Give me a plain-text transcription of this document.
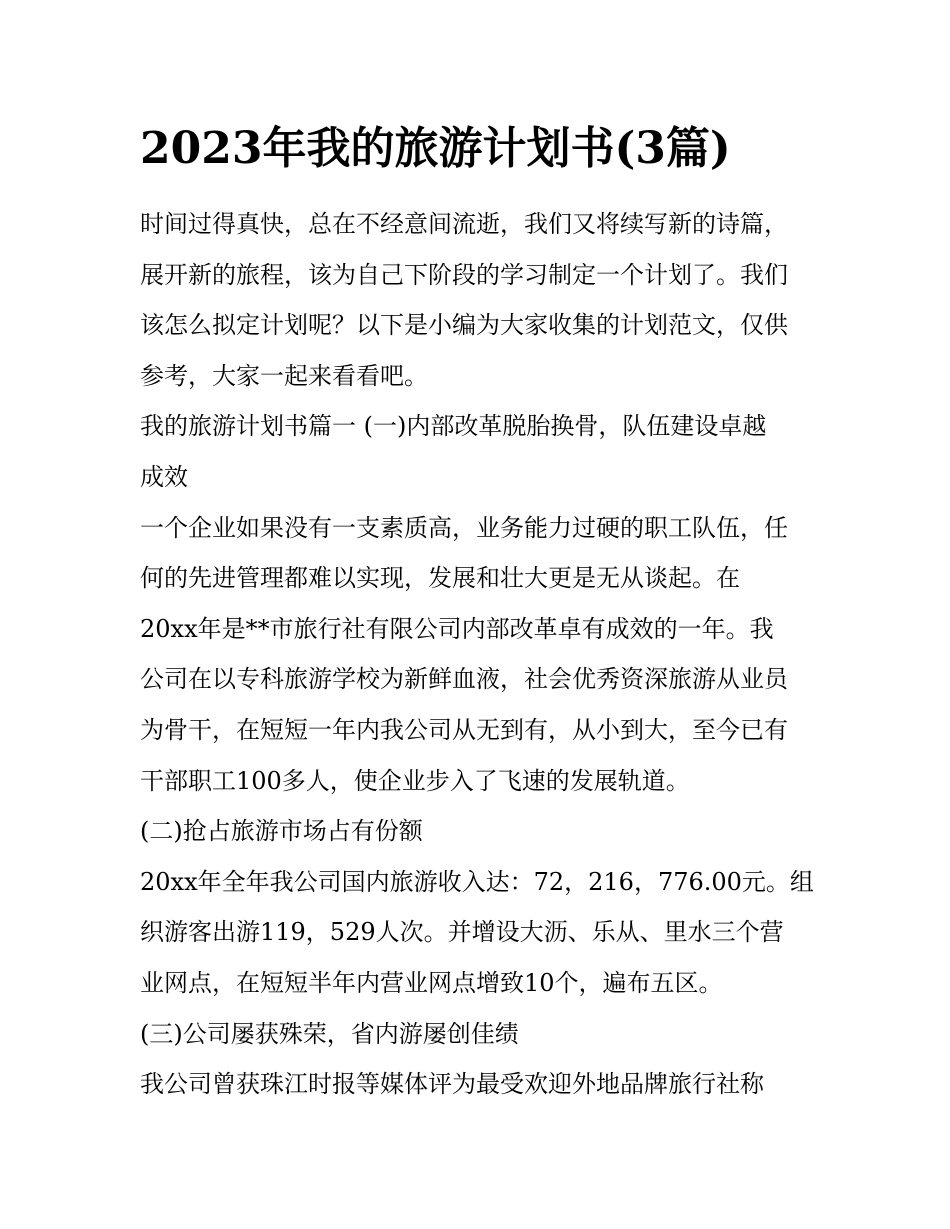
2023年我的旅游计划书(3篇)
时间过得真快，总在不经意间流逝，我们又将续写新的诗篇，
展开新的旅程，该为自己下阶段的学习制定一个计划了。我们
该怎么拟定计划呢？以下是小编为大家收集的计划范文，仅供
参考，大家一起来看看吧。
我的旅游计划书篇一 (一)内部改革脱胎换骨，队伍建设卓越
成效
一个企业如果没有一支素质高，业务能力过硬的职工队伍，任
何的先进管理都难以实现，发展和壮大更是无从谈起。在
20xx年是**市旅行社有限公司内部改革卓有成效的一年。我
公司在以专科旅游学校为新鲜血液，社会优秀资深旅游从业员
为骨干，在短短一年内我公司从无到有，从小到大，至今已有
干部职工100多人，使企业步入了飞速的发展轨道。
(二)抢占旅游市场占有份额
20xx年全年我公司国内旅游收入达：72，216，776.00元。组
织游客出游119，529人次。并增设大沥、乐从、里水三个营
业网点，在短短半年内营业网点增致10个，遍布五区。
(三)公司屡获殊荣，省内游屡创佳绩
我公司曾获珠江时报等媒体评为最受欢迎外地品牌旅行社称
